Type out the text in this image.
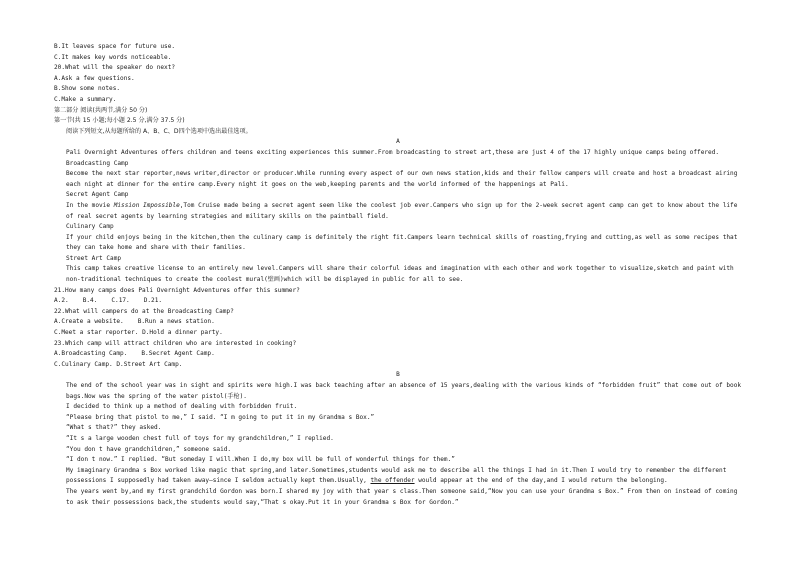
B.It leaves space for future use.
C.It makes key words noticeable.
20.What will the speaker do next?
A.Ask a few questions.
B.Show some notes.
C.Make a summary.
第二部分 阅读(共两节,满分 50 分)
第一节(共 15 小题;每小题 2.5 分,满分 37.5 分)
阅读下列短文,从每题所给的 A、B、C、D四个选项中选出最佳选项。
A
Pali Overnight Adventures offers children and teens exciting experiences this summer.From broadcasting to street art,these are just 4 of the 17 highly unique camps being offered.
Broadcasting Camp
Become the next star reporter,news writer,director or producer.While running every aspect of our own news station,kids and their fellow campers will create and host a broadcast airing each night at dinner for the entire camp.Every night it goes on the web,keeping parents and the world informed of the happenings at Pali.
Secret Agent Camp
In the movie Mission Impossible,Tom Cruise made being a secret agent seem like the coolest job ever.Campers who sign up for the 2-week secret agent camp can get to know about the life of real secret agents by learning strategies and military skills on the paintball field.
Culinary Camp
If your child enjoys being in the kitchen,then the culinary camp is definitely the right fit.Campers learn technical skills of roasting,frying and cutting,as well as some recipes that they can take home and share with their families.
Street Art Camp
This camp takes creative license to an entirely new level.Campers will share their colorful ideas and imagination with each other and work together to visualize,sketch and paint with non-traditional techniques to create the coolest mural(壁画)which will be displayed in public for all to see.
21.How many camps does Pali Overnight Adventures offer this summer?
A.2. B.4. C.17. D.21.
22.What will campers do at the Broadcasting Camp?
A.Create a website. B.Run a news station.
C.Meet a star reporter. D.Hold a dinner party.
23.Which camp will attract children who are interested in cooking?
A.Broadcasting Camp. B.Secret Agent Camp.
C.Culinary Camp. D.Street Art Camp.
B
The end of the school year was in sight and spirits were high.I was back teaching after an absence of 15 years,dealing with the various kinds of “forbidden fruit” that come out of book bags.Now was the spring of the water pistol(手枪).
I decided to think up a method of dealing with forbidden fruit.
“Please bring that pistol to me,” I said. “I m going to put it in my Grandma s Box.”
“What s that?” they asked.
“It s a large wooden chest full of toys for my grandchildren,” I replied.
“You don t have grandchildren,” someone said.
“I don t now.” I replied. “But someday I will.When I do,my box will be full of wonderful things for them.”
My imaginary Grandma s Box worked like magic that spring,and later.Sometimes,students would ask me to describe all the things I had in it.Then I would try to remember the different possessions I supposedly had taken away—since I seldom actually kept them.Usually, the offender would appear at the end of the day,and I would return the belonging.
The years went by,and my first grandchild Gordon was born.I shared my joy with that year s class.Then someone said,“Now you can use your Grandma s Box.” From then on instead of coming to ask their possessions back,the students would say,“That s okay.Put it in your Grandma s Box for Gordon.”
